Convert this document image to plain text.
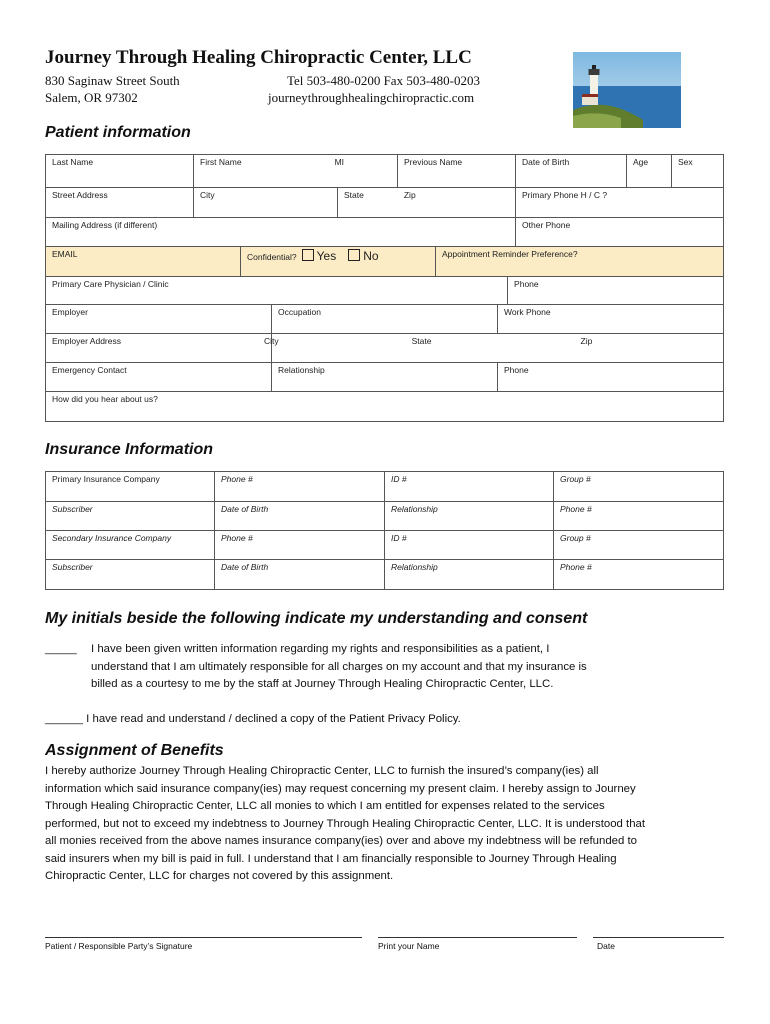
Journey Through Healing Chiropractic Center, LLC
830 Saginaw Street South
Salem, OR 97302
Tel 503-480-0200 Fax 503-480-0203
journeythroughhealingchiropractic.com
Patient information
Last Name	First Name MI		Previous Name	Date of Birth	Age	Sex
Street Address	City	State Zip		Primary Phone H / C ?		
Mailing Address (if different)				Other Phone		
EMAIL	Confidential? Yes No	Appointment Reminder Preference?
Primary Care Physician / Clinic			Phone
Employer	Occupation	Work Phone	
Employer Address	City State Zip		
Emergency Contact	Relationship	Phone	
How did you hear about us?			
Insurance Information
Primary Insurance Company	Phone #	ID #	Group #
Subscriber	Date of Birth	Relationship	Phone #
Secondary Insurance Company	Phone #	ID #	Group #
Subscriber	Date of Birth	Relationship	Phone #
My initials beside the following indicate my understanding and consent
_____ I have been given written information regarding my rights and responsibilities as a patient, I
understand that I am ultimately responsible for all charges on my account and that my insurance is
billed as a courtesy to me by the staff at Journey Through Healing Chiropractic Center, LLC.
______ I have read and understand / declined a copy of the Patient Privacy Policy.
Assignment of Benefits
I hereby authorize Journey Through Healing Chiropractic Center, LLC to furnish the insured’s company(ies) all
information which said insurance company(ies) may request concerning my present claim. I hereby assign to Journey
Through Healing Chiropractic Center, LLC all monies to which I am entitled for expenses related to the services
performed, but not to exceed my indebtness to Journey Through Healing Chiropractic Center, LLC. It is understood that
all monies received from the above names insurance company(ies) over and above my indebtness will be refunded to
said insurers when my bill is paid in full. I understand that I am financially responsible to Journey Through Healing
Chiropractic Center, LLC for charges not covered by this assignment.
Patient / Responsible Party’s Signature	Print your Name	Date
